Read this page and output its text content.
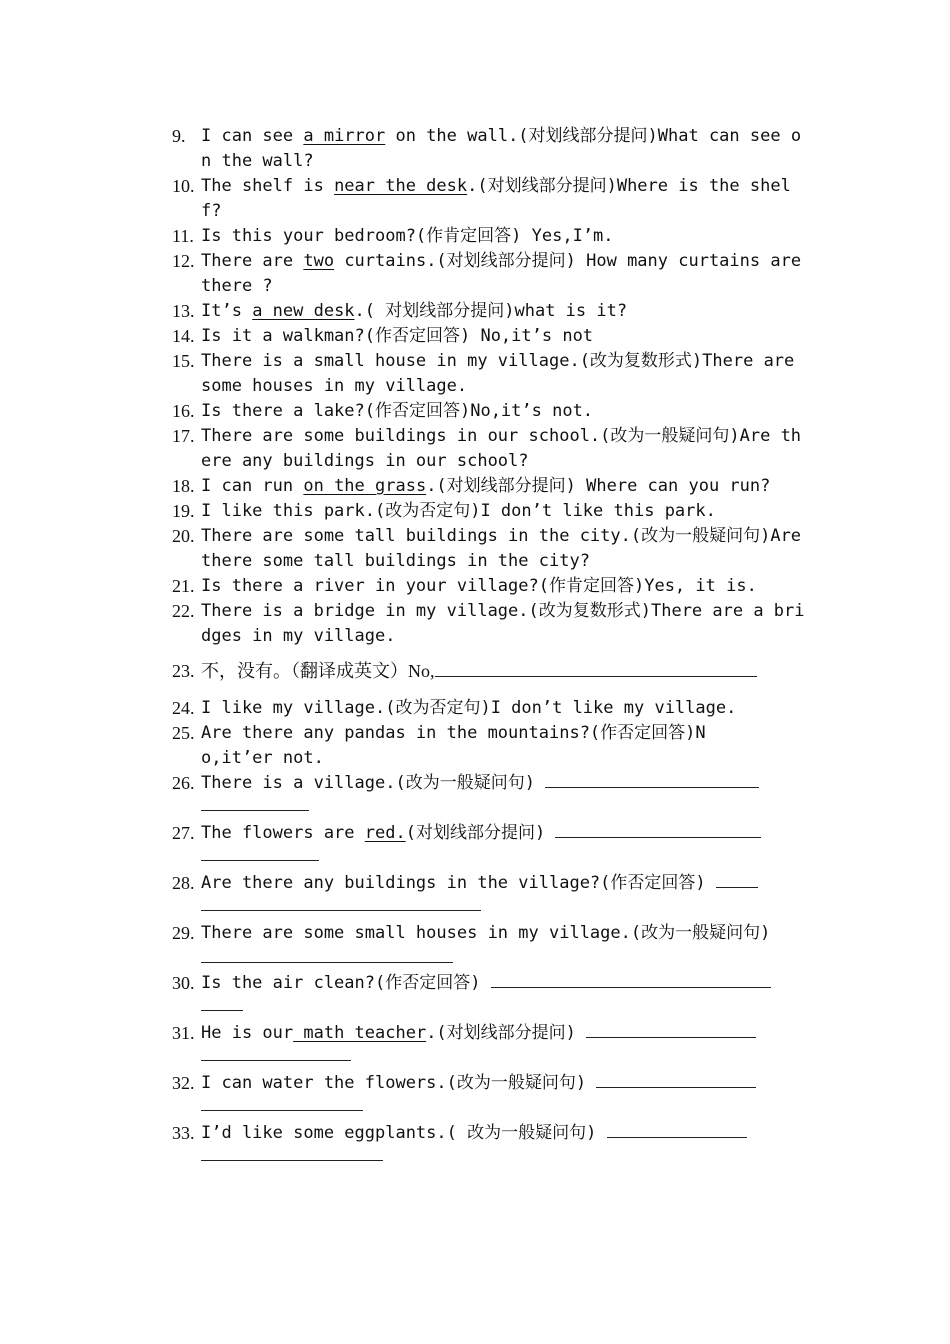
9. I can see a mirror on the wall.(对划线部分提问)What can see on the wall?
10. The shelf is near the desk.(对划线部分提问)Where is the shelf?
11. Is this your bedroom?(作肯定回答) Yes,I’m.
12. There are two curtains.(对划线部分提问) How many curtains are there ?
13. It’s a new desk.( 对划线部分提问)what is it?
14. Is it a walkman?(作否定回答) No,it’s not
15. There is a small house in my village.(改为复数形式)There are some houses in my village.
16. Is there a lake?(作否定回答)No,it’s not.
17. There are some buildings in our school.(改为一般疑问句)Are there any buildings in our school?
18. I can run on the grass.(对划线部分提问) Where can you run?
19. I like this park.(改为否定句)I don’t like this park.
20. There are some tall buildings in the city.(改为一般疑问句)Are there some tall buildings in the city?
21. Is there a river in your village?(作肯定回答)Yes, it is.
22. There is a bridge in my village.(改为复数形式)There are a bridges in my village.
23. 不，没有。（翻译成英文）No,
24. I like my village.(改为否定句)I don’t like my village.
25. Are there any pandas in the mountains?(作否定回答)No,it’er not.
26. There is a village.(改为一般疑问句)
27. The flowers are red.(对划线部分提问)
28. Are there any buildings in the village?(作否定回答)
29. There are some small houses in my village.(改为一般疑问句)
30. Is the air clean?(作否定回答)
31. He is our math teacher.(对划线部分提问)
32. I can water the flowers.(改为一般疑问句)
33. I’d like some eggplants.( 改为一般疑问句)
